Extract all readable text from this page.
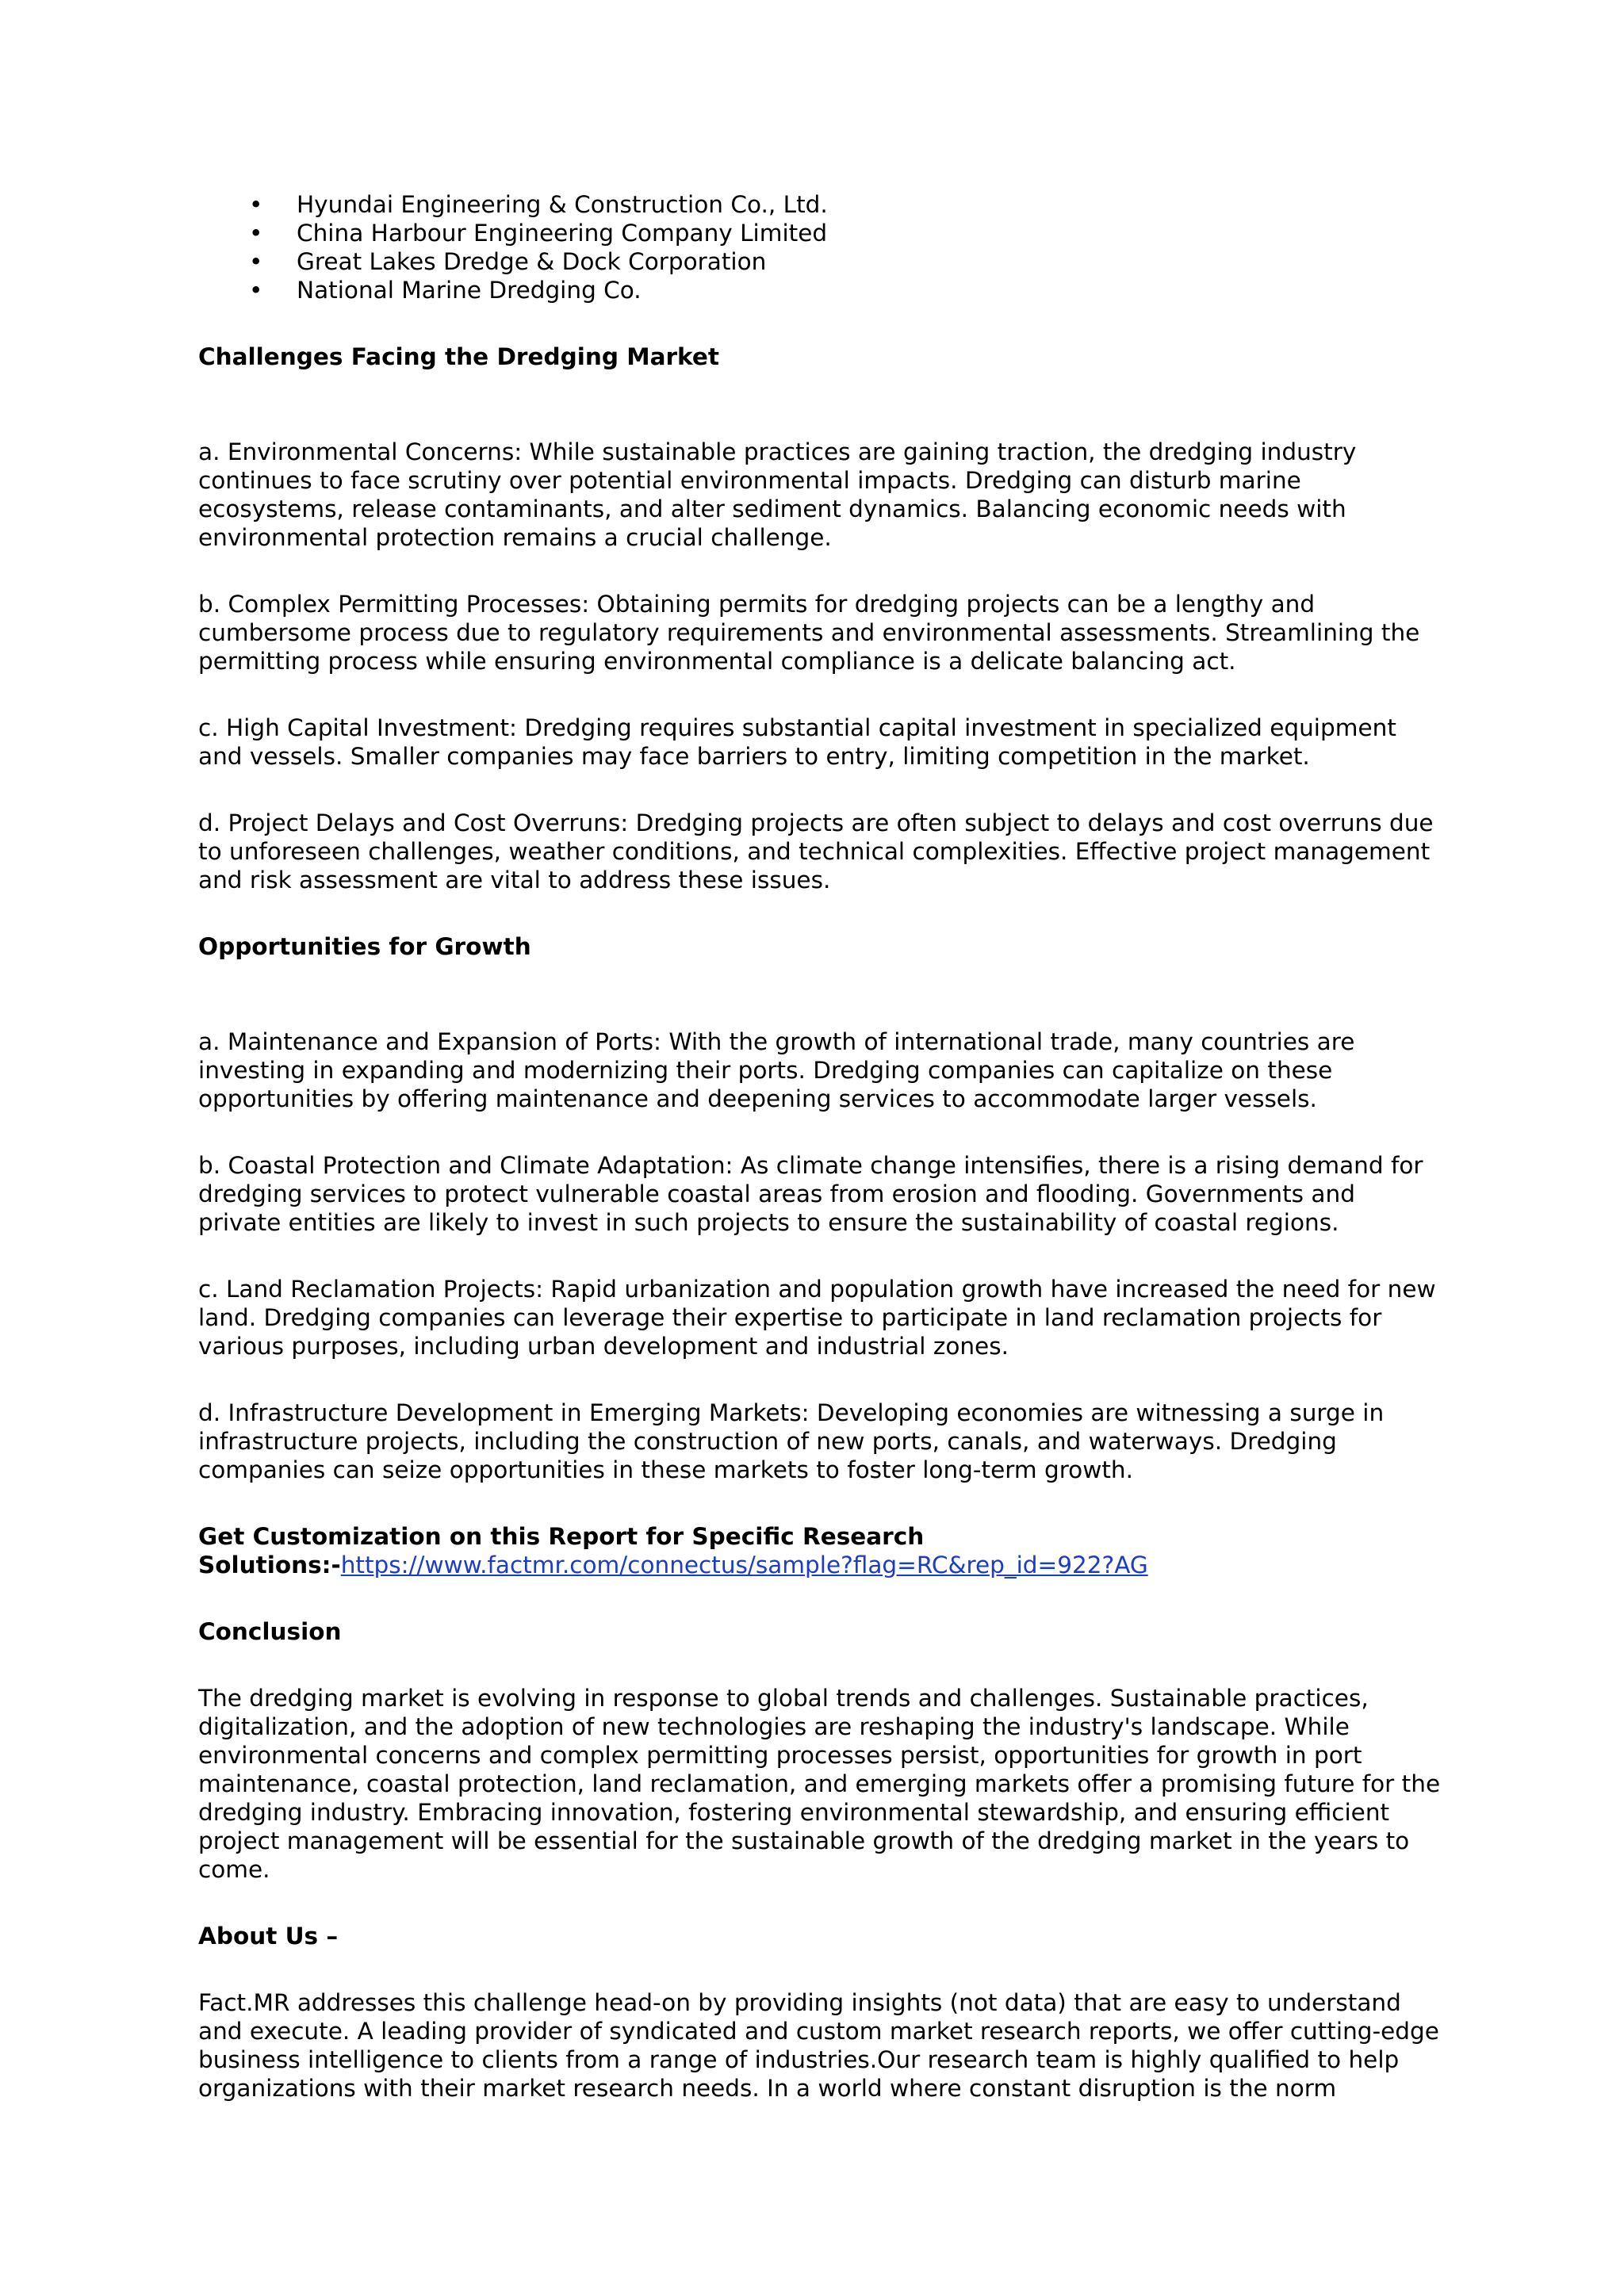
• Hyundai Engineering & Construction Co., Ltd.
• China Harbour Engineering Company Limited
• Great Lakes Dredge & Dock Corporation
• National Marine Dredging Co.
Challenges Facing the Dredging Market

a. Environmental Concerns: While sustainable practices are gaining traction, the dredging industry continues to face scrutiny over potential environmental impacts. Dredging can disturb marine ecosystems, release contaminants, and alter sediment dynamics. Balancing economic needs with environmental protection remains a crucial challenge.

b. Complex Permitting Processes: Obtaining permits for dredging projects can be a lengthy and cumbersome process due to regulatory requirements and environmental assessments. Streamlining the permitting process while ensuring environmental compliance is a delicate balancing act.

c. High Capital Investment: Dredging requires substantial capital investment in specialized equipment and vessels. Smaller companies may face barriers to entry, limiting competition in the market.

d. Project Delays and Cost Overruns: Dredging projects are often subject to delays and cost overruns due to unforeseen challenges, weather conditions, and technical complexities. Effective project management and risk assessment are vital to address these issues.

Opportunities for Growth

a. Maintenance and Expansion of Ports: With the growth of international trade, many countries are investing in expanding and modernizing their ports. Dredging companies can capitalize on these opportunities by offering maintenance and deepening services to accommodate larger vessels.

b. Coastal Protection and Climate Adaptation: As climate change intensifies, there is a rising demand for dredging services to protect vulnerable coastal areas from erosion and flooding. Governments and private entities are likely to invest in such projects to ensure the sustainability of coastal regions.

c. Land Reclamation Projects: Rapid urbanization and population growth have increased the need for new land. Dredging companies can leverage their expertise to participate in land reclamation projects for various purposes, including urban development and industrial zones.

d. Infrastructure Development in Emerging Markets: Developing economies are witnessing a surge in infrastructure projects, including the construction of new ports, canals, and waterways. Dredging companies can seize opportunities in these markets to foster long-term growth.

Get Customization on this Report for Specific Research
Solutions:-https://www.factmr.com/connectus/sample?flag=RC&rep_id=922?AG
Conclusion

The dredging market is evolving in response to global trends and challenges. Sustainable practices, digitalization, and the adoption of new technologies are reshaping the industry's landscape. While environmental concerns and complex permitting processes persist, opportunities for growth in port maintenance, coastal protection, land reclamation, and emerging markets offer a promising future for the dredging industry. Embracing innovation, fostering environmental stewardship, and ensuring efficient project management will be essential for the sustainable growth of the dredging market in the years to come.

About Us –

Fact.MR addresses this challenge head-on by providing insights (not data) that are easy to understand and execute. A leading provider of syndicated and custom market research reports, we offer cutting-edge business intelligence to clients from a range of industries.Our research team is highly qualified to help organizations with their market research needs. In a world where constant disruption is the norm
